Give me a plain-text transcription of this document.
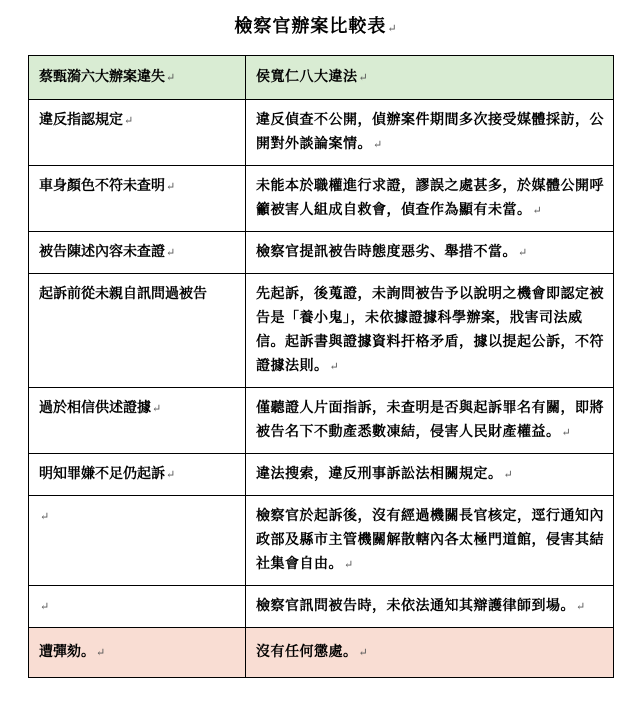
檢察官辦案比較表↵
蔡甄漪六大辦案違失↵	侯寬仁八大違法↵
違反指認規定↵	違反偵查不公開，偵辦案件期間多次接受媒體採訪，公開對外談論案情。↵
車身顏色不符未查明↵	未能本於職權進行求證，謬誤之處甚多，於媒體公開呼籲被害人組成自救會，偵查作為顯有未當。↵
被告陳述內容未查證↵	檢察官提訊被告時態度惡劣、舉措不當。↵
起訴前從未親自訊問過被告	先起訴，後蒐證，未詢問被告予以說明之機會即認定被告是「養小鬼」，未依據證據科學辦案，戕害司法威信。起訴書與證據資料扞格矛盾，據以提起公訴，不符證據法則。↵
過於相信供述證據↵	僅聽證人片面指訴，未查明是否與起訴罪名有關，即將被告名下不動產悉數凍結，侵害人民財產權益。↵
明知罪嫌不足仍起訴↵	違法搜索，違反刑事訴訟法相關規定。↵
↵	檢察官於起訴後，沒有經過機關長官核定，逕行通知內政部及縣市主管機關解散轄內各太極門道館，侵害其結社集會自由。↵
↵	檢察官訊問被告時，未依法通知其辯護律師到場。↵
遭彈劾。↵	沒有任何懲處。↵
